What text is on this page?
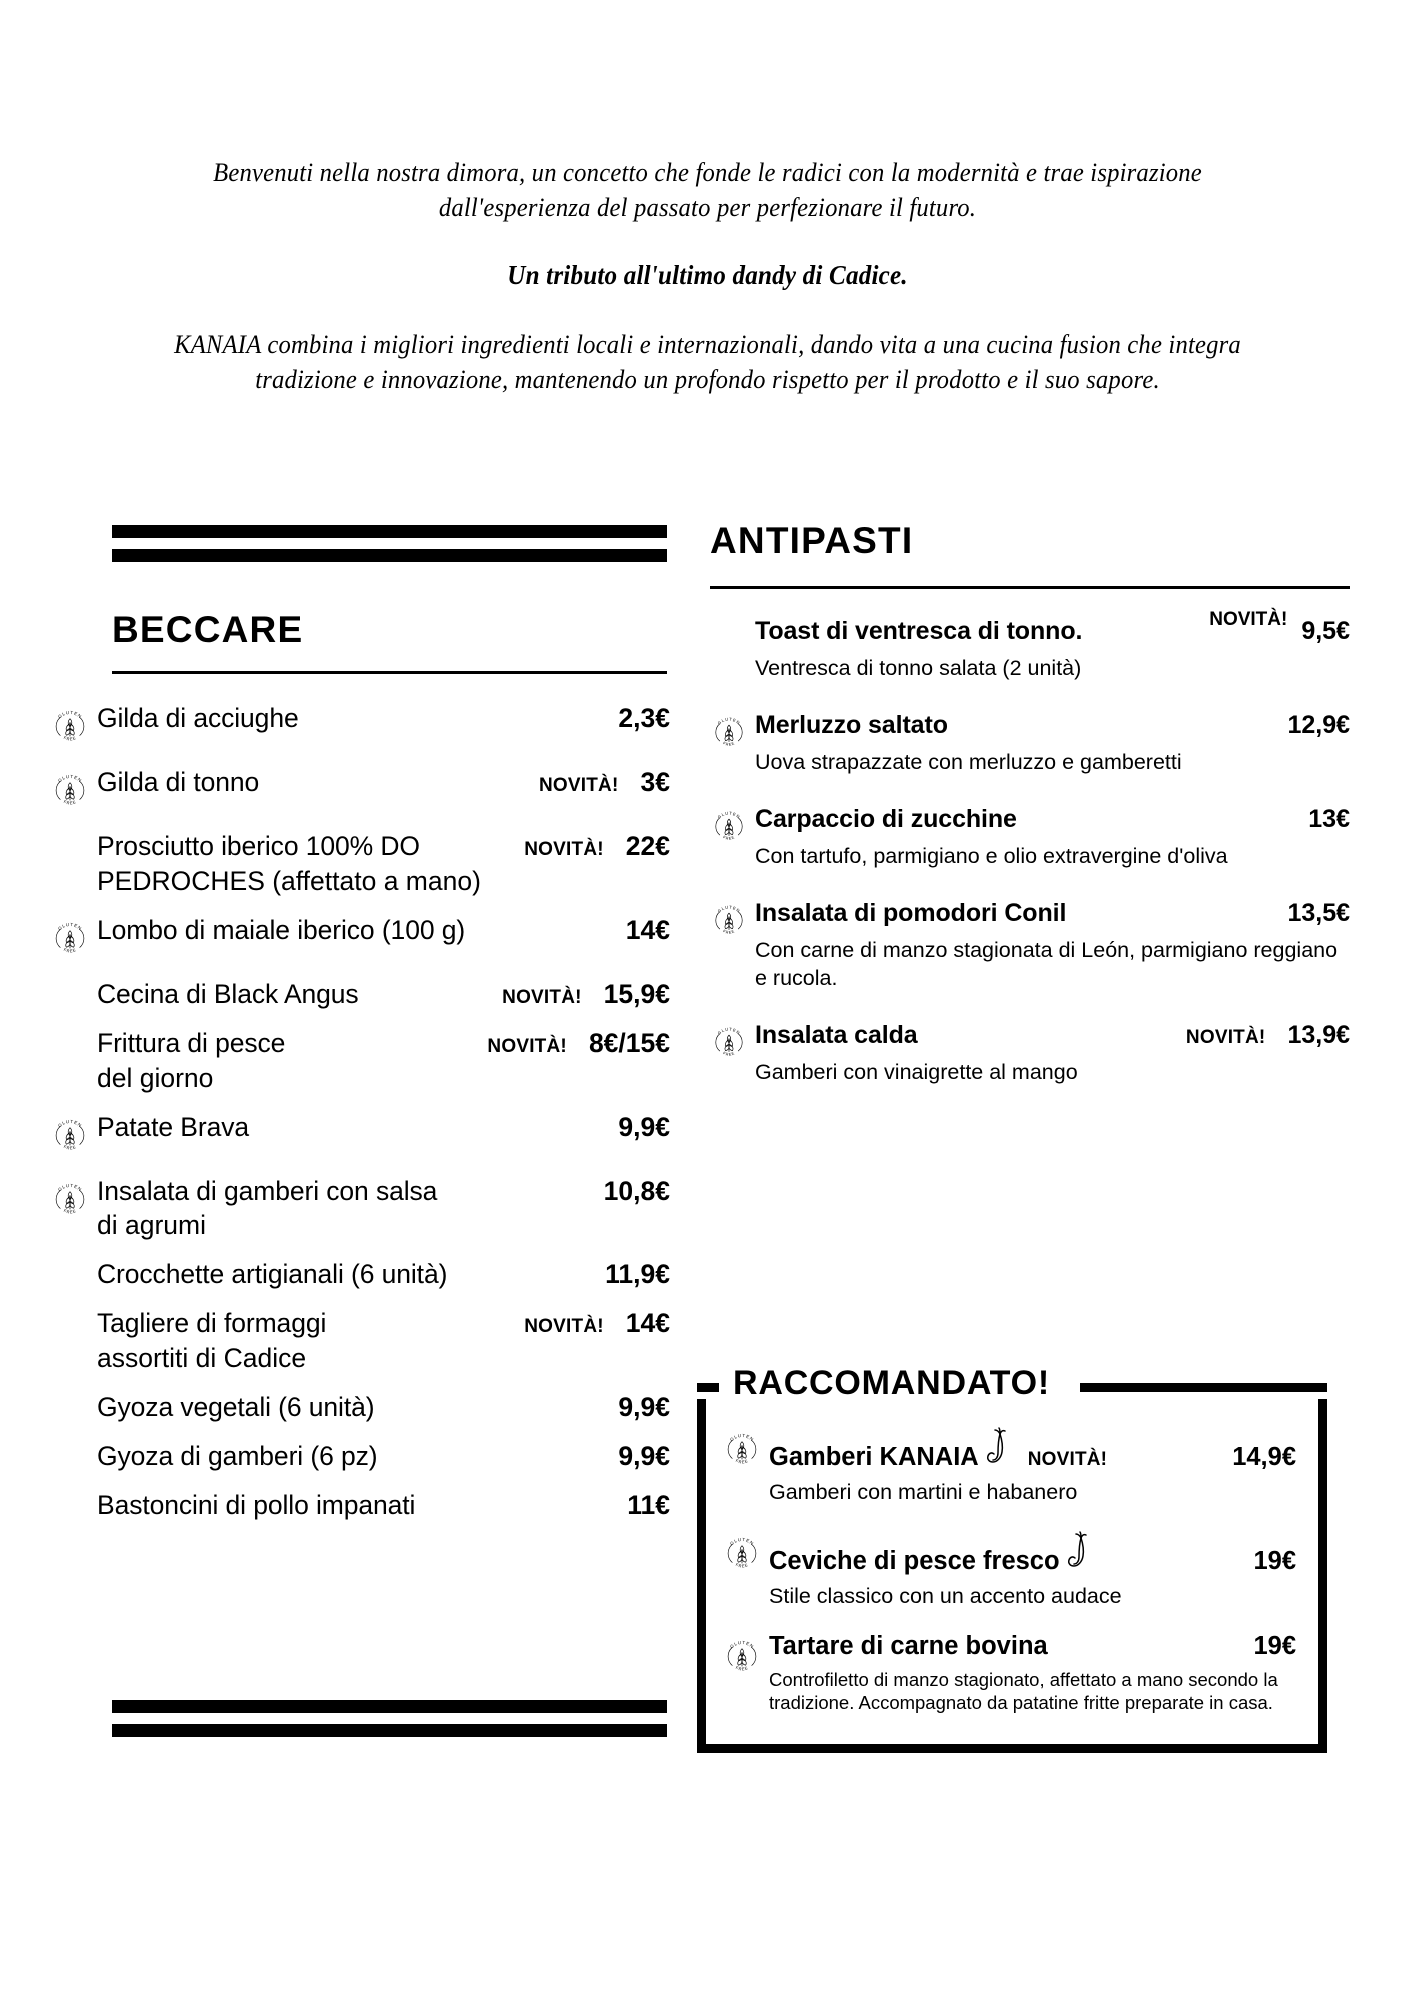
Benvenuti nella nostra dimora, un concetto che fonde le radici con la modernità e trae ispirazione dall'esperienza del passato per perfezionare il futuro.

Un tributo all'ultimo dandy di Cadice.

KANAIA combina i migliori ingredienti locali e internazionali, dando vita a una cucina fusion che integra tradizione e innovazione, mantenendo un profondo rispetto per il prodotto e il suo sapore.

BECCARE
GLUTEN
FREE
Gilda di acciughe	2,3€
GLUTEN
FREE
Gilda di tonno	NOVITÀ! 3€
Prosciutto iberico 100% DO	NOVITÀ! 22€
PEDROCHES (affettato a mano)
GLUTEN
FREE
Lombo di maiale iberico (100 g)	14€
Cecina di Black Angus	NOVITÀ! 15,9€
Frittura di pesce	NOVITÀ! 8€/15€
del giorno
GLUTEN
FREE
Patate Brava	9,9€
GLUTEN
FREE
Insalata di gamberi con salsa	10,8€
di agrumi
Crocchette artigianali (6 unità)	11,9€
Tagliere di formaggi	NOVITÀ! 14€
assortiti di Cadice
Gyoza vegetali (6 unità)	9,9€
Gyoza di gamberi (6 pz)	9,9€
Bastoncini di pollo impanati	11€
ANTIPASTI
Toast di ventresca di tonno.	NOVITÀ! 9,5€
Ventresca di tonno salata (2 unità)
GLUTEN
FREE
Merluzzo saltato	12,9€
Uova strapazzate con merluzzo e gamberetti
GLUTEN
FREE
Carpaccio di zucchine	13€
Con tartufo, parmigiano e olio extravergine d'oliva
GLUTEN
FREE
Insalata di pomodori Conil	13,5€
Con carne di manzo stagionata di León, parmigiano reggiano e rucola.
GLUTEN
FREE
Insalata calda	NOVITÀ! 13,9€
Gamberi con vinaigrette al mango
RACCOMANDATO!
GLUTEN
FREE Gamberi KANAIA	NOVITÀ!	14,9€
Gamberi con martini e habanero
GLUTEN
FREE Ceviche di pesce fresco	19€
Stile classico con un accento audace
GLUTEN
FREE
Tartare di carne bovina	19€
Controfiletto di manzo stagionato, affettato a mano secondo la tradizione. Accompagnato da patatine fritte preparate in casa.
